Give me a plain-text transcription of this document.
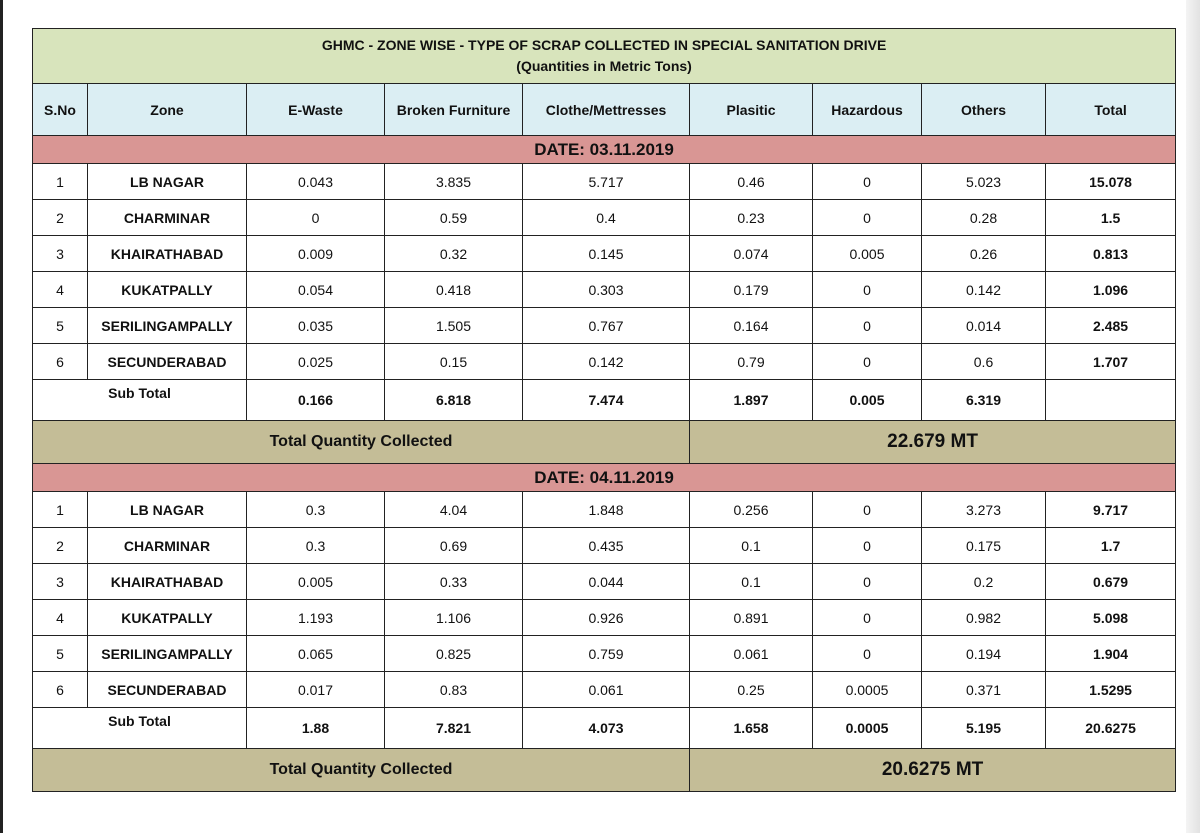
GHMC - ZONE WISE - TYPE OF SCRAP COLLECTED IN SPECIAL SANITATION DRIVE
(Quantities in Metric Tons)								

S.No	Zone	E-Waste	Broken Furniture	Clothe/Mettresses	Plasitic	Hazardous	Others	Total
DATE: 03.11.2019								
1	LB NAGAR	0.043	3.835	5.717	0.46	0	5.023	15.078
2	CHARMINAR	0	0.59	0.4	0.23	0	0.28	1.5
3	KHAIRATHABAD	0.009	0.32	0.145	0.074	0.005	0.26	0.813
4	KUKATPALLY	0.054	0.418	0.303	0.179	0	0.142	1.096
5	SERILINGAMPALLY	0.035	1.505	0.767	0.164	0	0.014	2.485
6	SECUNDERABAD	0.025	0.15	0.142	0.79	0	0.6	1.707
Sub Total		0.166	6.818	7.474	1.897	0.005	6.319	
Total Quantity Collected					22.679 MT			
DATE: 04.11.2019								
1	LB NAGAR	0.3	4.04	1.848	0.256	0	3.273	9.717
2	CHARMINAR	0.3	0.69	0.435	0.1	0	0.175	1.7
3	KHAIRATHABAD	0.005	0.33	0.044	0.1	0	0.2	0.679
4	KUKATPALLY	1.193	1.106	0.926	0.891	0	0.982	5.098
5	SERILINGAMPALLY	0.065	0.825	0.759	0.061	0	0.194	1.904
6	SECUNDERABAD	0.017	0.83	0.061	0.25	0.0005	0.371	1.5295
Sub Total		1.88	7.821	4.073	1.658	0.0005	5.195	20.6275
Total Quantity Collected					20.6275 MT			
